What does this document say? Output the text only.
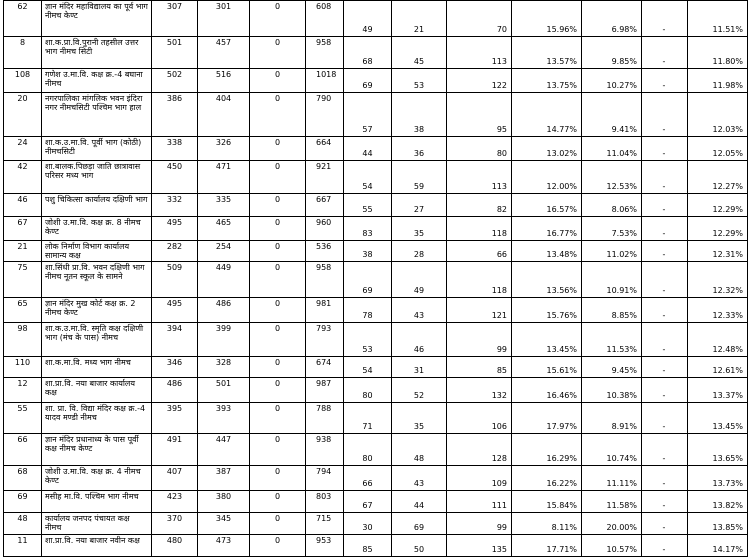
62	ज्ञान मंदिर महाविद्यालय का पूर्व भाग नीमच केण्ट	307	301	0	608	49	21	70	15.96%	6.98%	-	11.51%
8	शा.क.प्रा.वि.पुरानी तहसील उत्तर भाग नीमच सिटी	501	457	0	958	68	45	113	13.57%	9.85%	-	11.80%
108	गणेश उ.मा.वि. कक्ष क्र.-4 बघाना नीमच	502	516	0	1018	69	53	122	13.75%	10.27%	-	11.98%
20	नगरपालिका मांगलिक भवन इंदिरा नगर नीमचसिटी पश्चिम भाग हाल	386	404	0	790	57	38	95	14.77%	9.41%	-	12.03%
24	शा.क.उ.मा.वि. पूर्वी भाग (कोठी) नीमचसिटी	338	326	0	664	44	36	80	13.02%	11.04%	-	12.05%
42	शा.बालक.पिछड़ा जाति छात्रावास परिसर मध्य भाग	450	471	0	921	54	59	113	12.00%	12.53%	-	12.27%
46	पशु चिकित्सा कार्यालय दक्षिणी भाग	332	335	0	667	55	27	82	16.57%	8.06%	-	12.29%
67	जोशी उ.मा.वि. कक्ष क्र. 8 नीमच केण्ट	495	465	0	960	83	35	118	16.77%	7.53%	-	12.29%
21	लोक निर्माण विभाग कार्यालय सामान्य कक्ष	282	254	0	536	38	28	66	13.48%	11.02%	-	12.31%
75	शा.सिंधी प्रा.वि. भवन दक्षिणी भाग नीमच नूतन स्कूल के सामने	509	449	0	958	69	49	118	13.56%	10.91%	-	12.32%
65	ज्ञान मंदिर मुख कोर्ट कक्ष क्र. 2 नीमच केण्ट	495	486	0	981	78	43	121	15.76%	8.85%	-	12.33%
98	शा.क.उ.मा.वि. स्मृति कक्ष दक्षिणी भाग (मंच के पास) नीमच	394	399	0	793	53	46	99	13.45%	11.53%	-	12.48%
110	शा.क.मा.वि. मध्य भाग नीमच	346	328	0	674	54	31	85	15.61%	9.45%	-	12.61%
12	शा.प्रा.वि. नया बाजार कार्यालय कक्ष	486	501	0	987	80	52	132	16.46%	10.38%	-	13.37%
55	शा. प्रा. वि. विद्या मंदिर कक्ष क्र.-4 यादव मण्डी नीमच	395	393	0	788	71	35	106	17.97%	8.91%	-	13.45%
66	ज्ञान मंदिर प्रधानाध्य के पास पूर्वी कक्ष नीमच केण्ट	491	447	0	938	80	48	128	16.29%	10.74%	-	13.65%
68	जोशी उ.मा.वि. कक्ष क्र. 4 नीमच केण्ट	407	387	0	794	66	43	109	16.22%	11.11%	-	13.73%
69	मसीह मा.वि. पश्चिम भाग नीमच	423	380	0	803	67	44	111	15.84%	11.58%	-	13.82%
48	कार्यालय जनपद पंचायत कक्ष नीमच	370	345	0	715	30	69	99	8.11%	20.00%	-	13.85%
11	शा.प्रा.वि. नया बाजार नवीन कक्ष	480	473	0	953	85	50	135	17.71%	10.57%	-	14.17%
